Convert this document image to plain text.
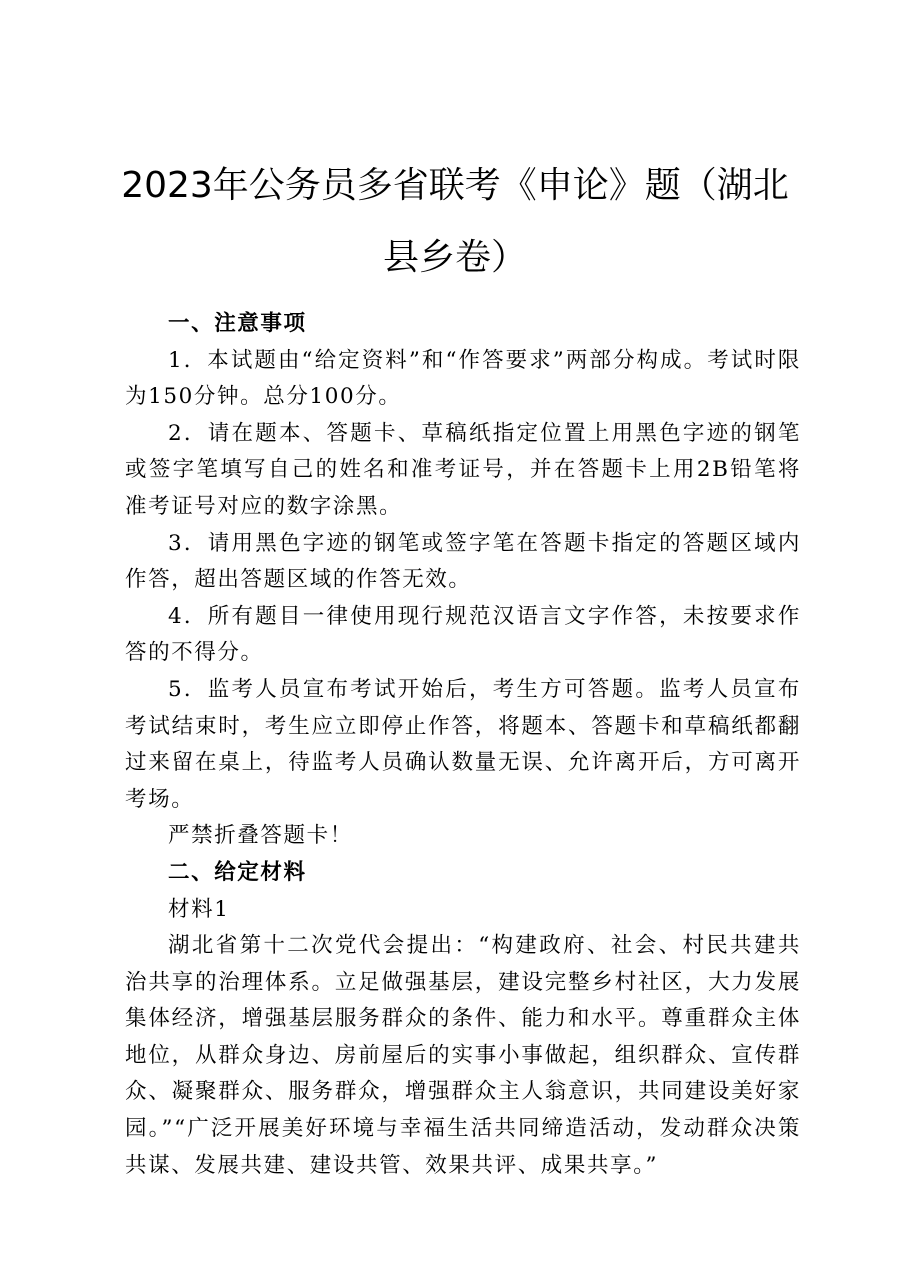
2023年公务员多省联考《申论》题（湖北县乡卷）

一、注意事项

1．本试题由“给定资料”和“作答要求”两部分构成。考试时限为150分钟。总分100分。

2．请在题本、答题卡、草稿纸指定位置上用黑色字迹的钢笔或签字笔填写自己的姓名和准考证号，并在答题卡上用2B铅笔将准考证号对应的数字涂黑。

3．请用黑色字迹的钢笔或签字笔在答题卡指定的答题区域内作答，超出答题区域的作答无效。

4．所有题目一律使用现行规范汉语言文字作答，未按要求作答的不得分。

5．监考人员宣布考试开始后，考生方可答题。监考人员宣布考试结束时，考生应立即停止作答，将题本、答题卡和草稿纸都翻过来留在桌上，待监考人员确认数量无误、允许离开后，方可离开考场。

严禁折叠答题卡！

二、给定材料

材料1

湖北省第十二次党代会提出：“构建政府、社会、村民共建共治共享的治理体系。立足做强基层，建设完整乡村社区，大力发展集体经济，增强基层服务群众的条件、能力和水平。尊重群众主体地位，从群众身边、房前屋后的实事小事做起，组织群众、宣传群众、凝聚群众、服务群众，增强群众主人翁意识，共同建设美好家园。”“广泛开展美好环境与幸福生活共同缔造活动，发动群众决策共谋、发展共建、建设共管、效果共评、成果共享。”
